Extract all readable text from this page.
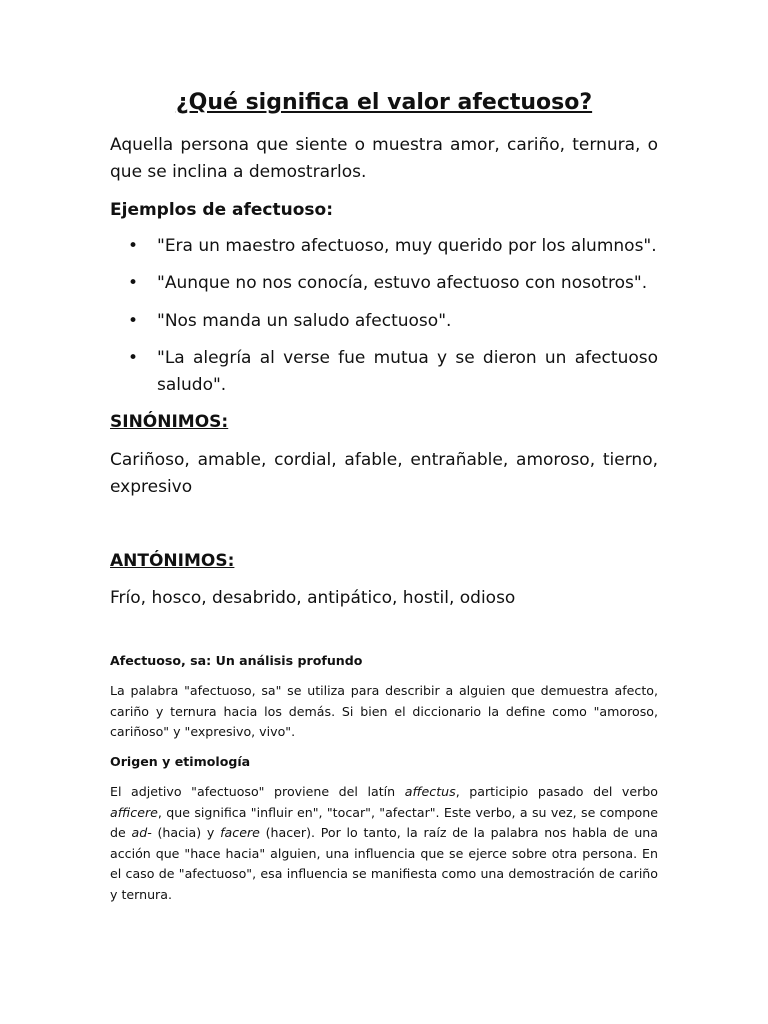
¿Qué significa el valor afectuoso?

Aquella persona que siente o muestra amor, cariño, ternura, o que se inclina a demostrarlos.

Ejemplos de afectuoso:

• "Era un maestro afectuoso, muy querido por los alumnos".
• "Aunque no nos conocía, estuvo afectuoso con nosotros".
• "Nos manda un saludo afectuoso".
• "La alegría al verse fue mutua y se dieron un afectuoso saludo".

SINÓNIMOS:

Cariñoso, amable, cordial, afable, entrañable, amoroso, tierno, expresivo

ANTÓNIMOS:

Frío, hosco, desabrido, antipático, hostil, odioso

Afectuoso, sa: Un análisis profundo

La palabra "afectuoso, sa" se utiliza para describir a alguien que demuestra afecto, cariño y ternura hacia los demás. Si bien el diccionario la define como "amoroso, cariñoso" y "expresivo, vivo".

Origen y etimología

El adjetivo "afectuoso" proviene del latín affectus, participio pasado del verbo afficere, que significa "influir en", "tocar", "afectar". Este verbo, a su vez, se compone de ad- (hacia) y facere (hacer). Por lo tanto, la raíz de la palabra nos habla de una acción que "hace hacia" alguien, una influencia que se ejerce sobre otra persona. En el caso de "afectuoso", esa influencia se manifiesta como una demostración de cariño y ternura.
